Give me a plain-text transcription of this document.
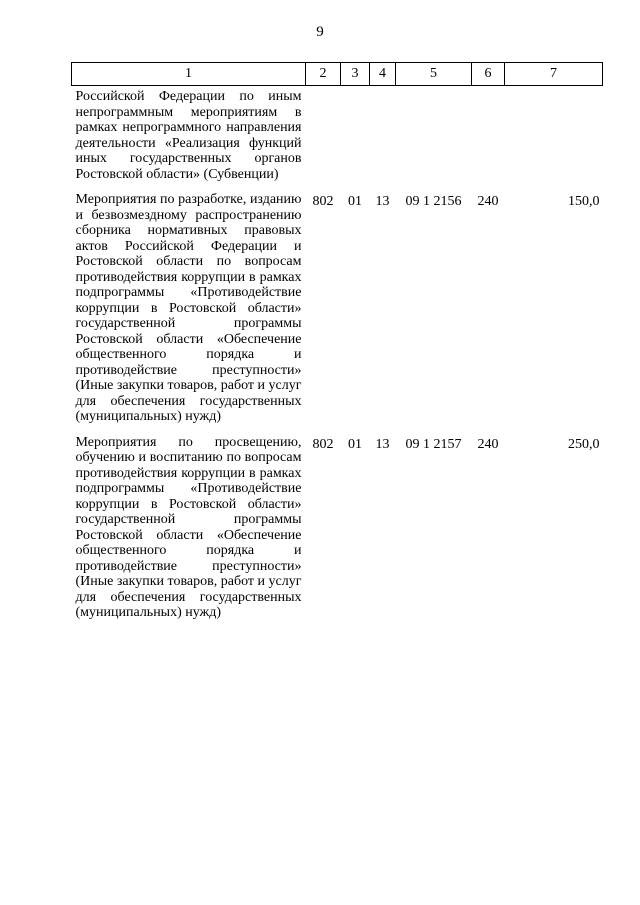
9
1	2	3	4	5	6	7
Российской Федерации по иным непрограммным мероприятиям в рамках непрограммного направления деятельности «Реализация функций иных государственных органов Ростовской области» (Субвенции)						
Мероприятия по разработке, изданию и безвозмездному распространению сборника нормативных правовых актов Российской Федерации и Ростовской области по вопросам противодействия коррупции в рамках подпрограммы «Противодействие коррупции в Ростовской области» государственной программы Ростовской области «Обеспечение общественного порядка и противодействие преступности» (Иные закупки товаров, работ и услуг для обеспечения государственных (муниципальных) нужд)	802	01	13	09 1 2156	240	150,0
Мероприятия по просвещению, обучению и воспитанию по вопросам противодействия коррупции в рамках подпрограммы «Противодействие коррупции в Ростовской области» государственной программы Ростовской области «Обеспечение общественного порядка и противодействие преступности» (Иные закупки товаров, работ и услуг для обеспечения государственных (муниципальных) нужд)	802	01	13	09 1 2157	240	250,0
